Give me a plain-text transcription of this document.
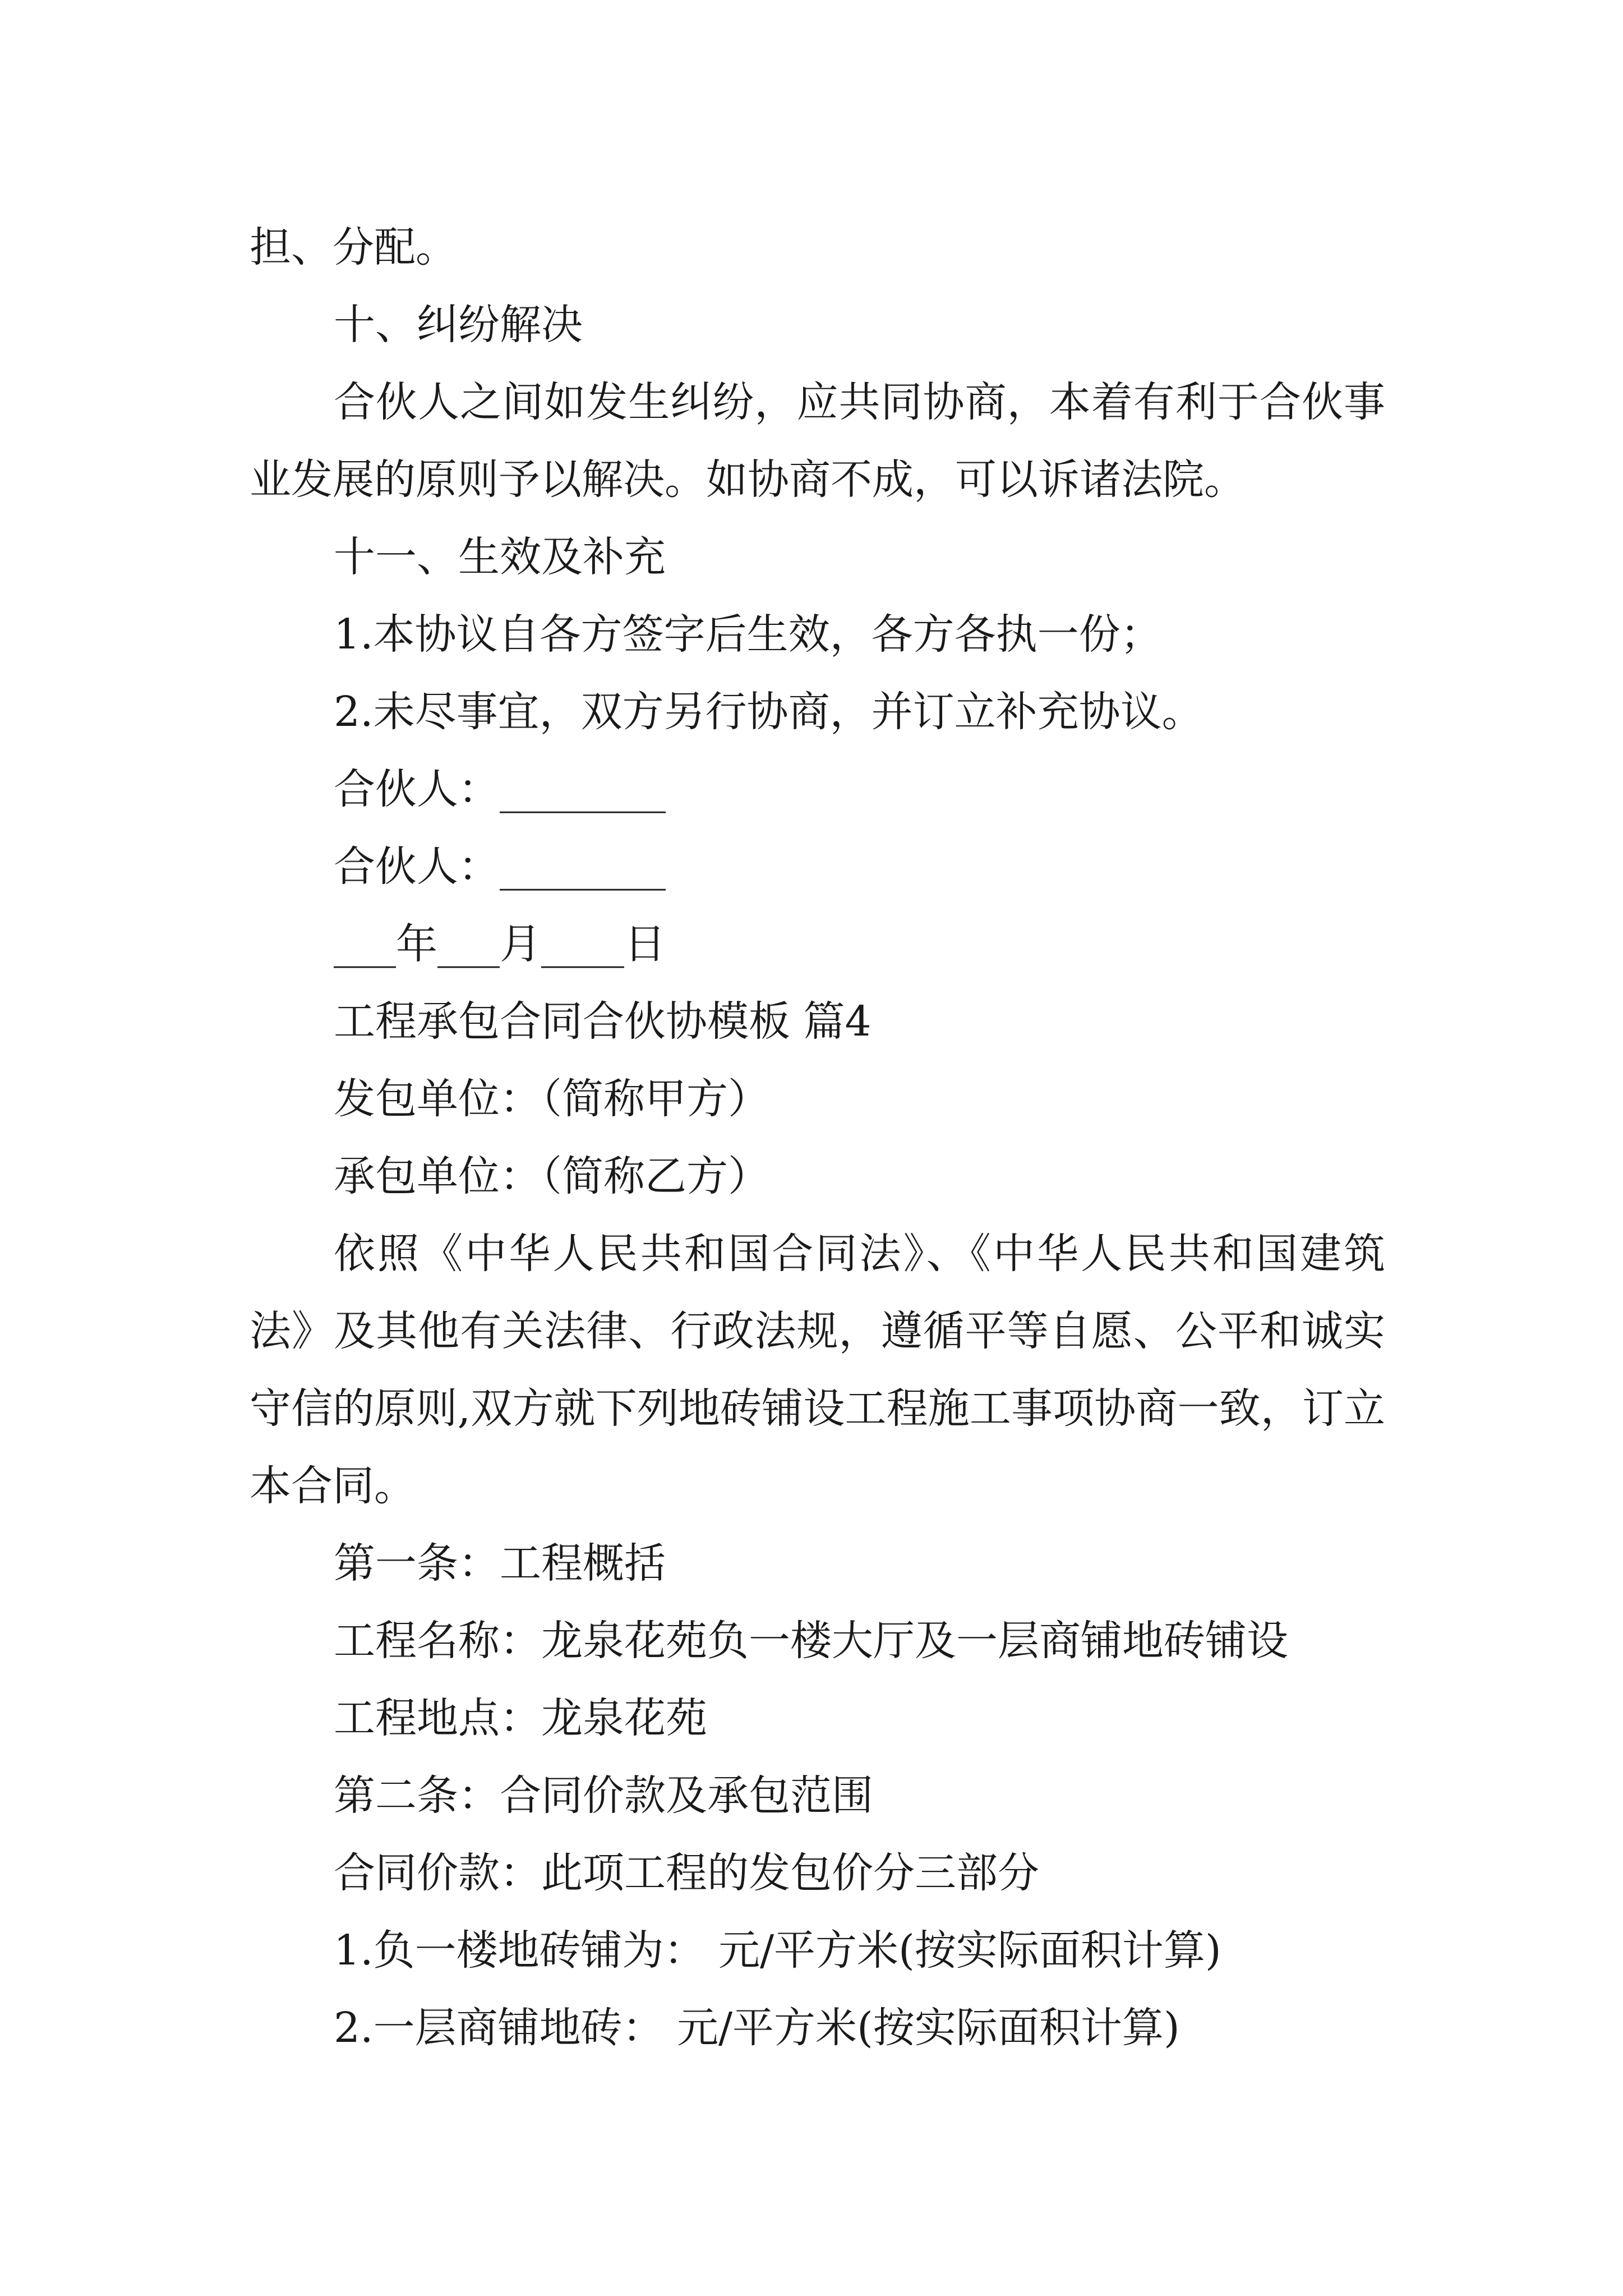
担、分配。
十、纠纷解决
合伙人之间如发生纠纷，应共同协商，本着有利于合伙事业发展的原则予以解决。如协商不成，可以诉诸法院。
十一、生效及补充
1.本协议自各方签字后生效，各方各执一份；
2.未尽事宜，双方另行协商，并订立补充协议。
合伙人：________
合伙人：________
___年___月____日
工程承包合同合伙协模板 篇4
发包单位：（简称甲方）
承包单位：（简称乙方）
依照《中华人民共和国合同法》、《中华人民共和国建筑法》及其他有关法律、行政法规，遵循平等自愿、公平和诚实守信的原则,双方就下列地砖铺设工程施工事项协商一致，订立本合同。
第一条：工程概括
工程名称：龙泉花苑负一楼大厅及一层商铺地砖铺设
工程地点：龙泉花苑
第二条：合同价款及承包范围
合同价款：此项工程的发包价分三部分
1.负一楼地砖铺为： 元/平方米(按实际面积计算)
2.一层商铺地砖： 元/平方米(按实际面积计算)
